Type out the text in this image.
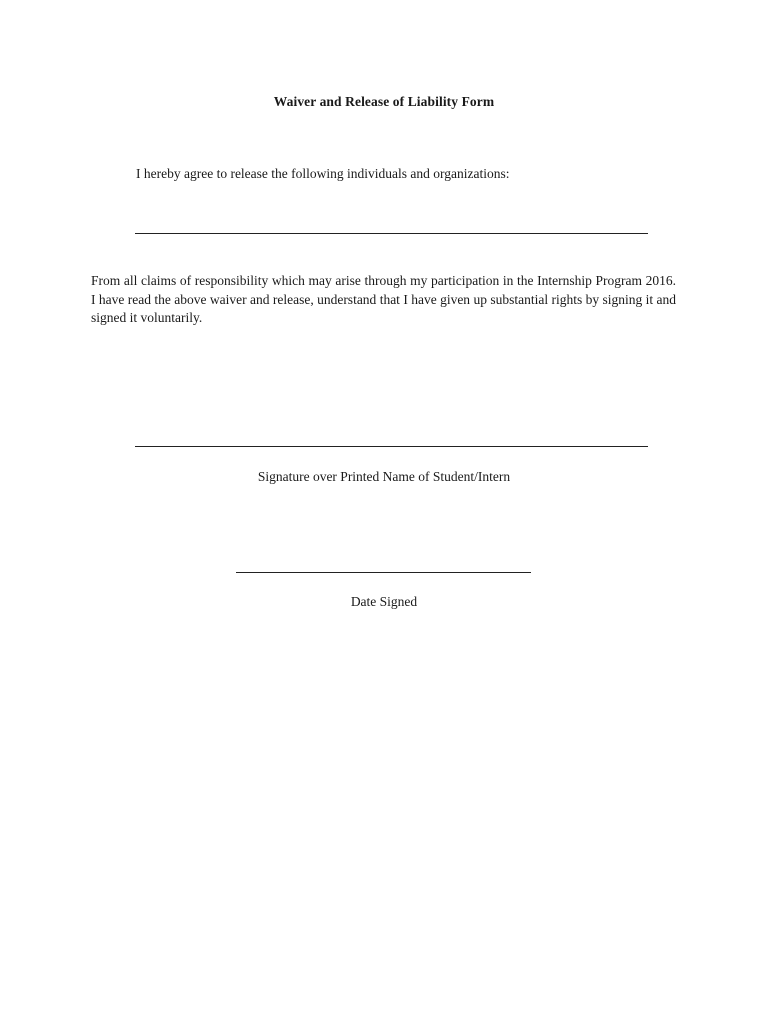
Waiver and Release of Liability Form
I hereby agree to release the following individuals and organizations:

From all claims of responsibility which may arise through my participation in the Internship Program 2016. I have read the above waiver and release, understand that I have given up substantial rights by signing it and signed it voluntarily.

Signature over Printed Name of Student/Intern
Date Signed
